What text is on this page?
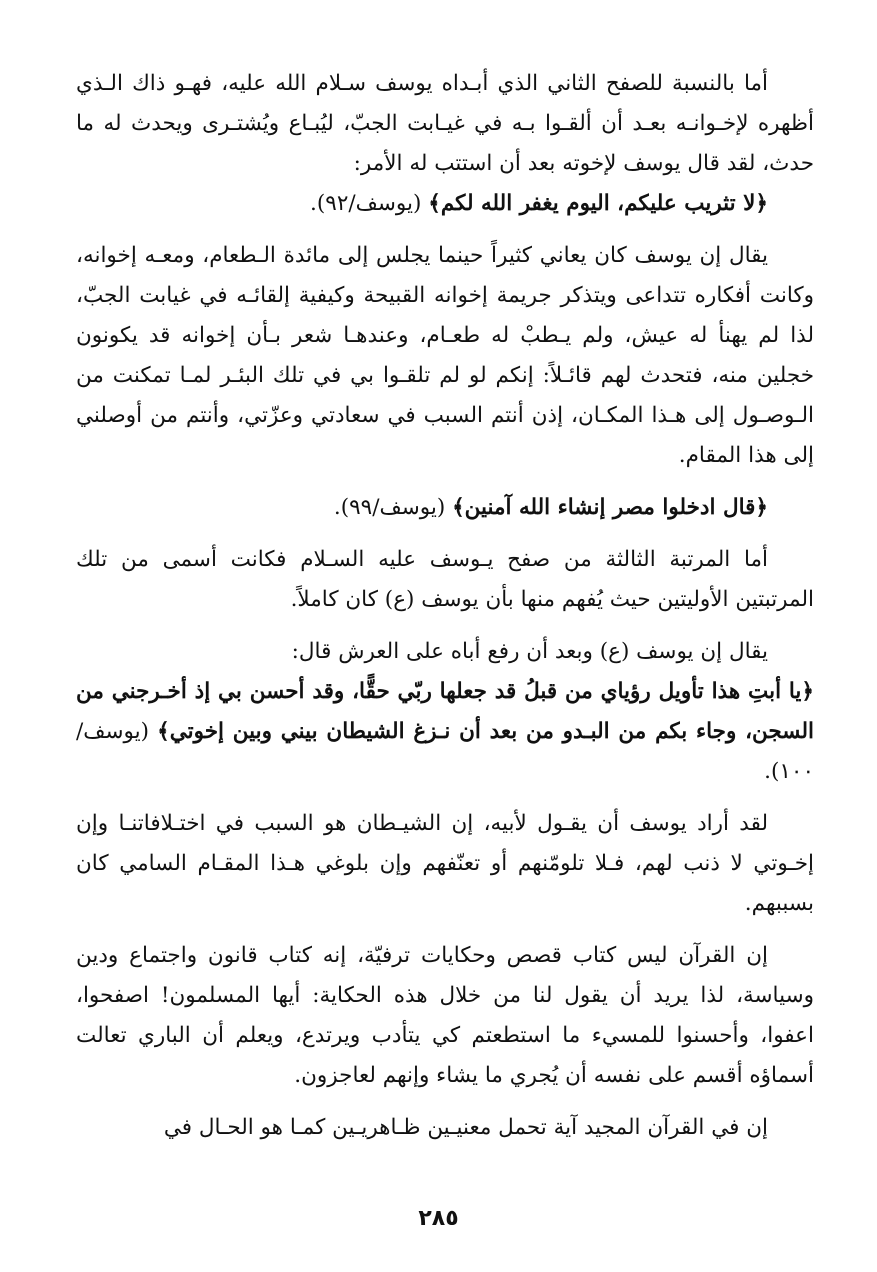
أما بالنسبة للصفح الثاني الذي أبـداه يوسف سـلام الله عليه، فهـو ذاك الـذي أظهره لإخـوانـه بعـد أن ألقـوا بـه في غيـابت الجبّ، ليُبـاع ويُشتـرى ويحدث له ما حدث، لقد قال يوسف لإخوته بعد أن استتب له الأمر:

﴿لا تثريب عليكم، اليوم يغفر الله لكم﴾ (يوسف/٩٢).

يقال إن يوسف كان يعاني كثيراً حينما يجلس إلى مائدة الـطعام، ومعـه إخوانه، وكانت أفكاره تتداعى ويتذكر جريمة إخوانه القبيحة وكيفية إلقائـه في غيابت الجبّ، لذا لم يهنأ له عيش، ولم يـطبْ له طعـام، وعندهـا شعر بـأن إخوانه قد يكونون خجلين منه، فتحدث لهم قائـلاً: إنكم لو لم تلقـوا بي في تلك البئـر لمـا تمكنت من الـوصـول إلى هـذا المكـان، إذن أنتم السبب في سعادتي وعزّتي، وأنتم من أوصلني إلى هذا المقام.

﴿قال ادخلوا مصر إنشاء الله آمنين﴾ (يوسف/٩٩).

أما المرتبة الثالثة من صفح يـوسف عليه السـلام فكانت أسمى من تلك المرتبتين الأوليتين حيث يُفهم منها بأن يوسف (ع) كان كاملاً.

يقال إن يوسف (ع) وبعد أن رفع أباه على العرش قال:

﴿يا أبتِ هذا تأويل رؤياي من قبلُ قد جعلها ربّي حقًّا، وقد أحسن بي إذ أخـرجني من السجن، وجاء بكم من البـدو من بعد أن نـزغ الشيطان بيني وبين إخوتي﴾ (يوسف/١٠٠).

لقد أراد يوسف أن يقـول لأبيه، إن الشيـطان هو السبب في اختـلافاتنـا وإن إخـوتي لا ذنب لهم، فـلا تلومّنهم أو تعنّفهم وإن بلوغي هـذا المقـام السامي كان بسببهم.

إن القرآن ليس كتاب قصص وحكايات ترفيّة، إنه كتاب قانون واجتماع ودين وسياسة، لذا يريد أن يقول لنا من خلال هذه الحكاية: أيها المسلمون! اصفحوا، اعفوا، وأحسنوا للمسيء ما استطعتم كي يتأدب ويرتدع، ويعلم أن الباري تعالت أسماؤه أقسم على نفسه أن يُجري ما يشاء وإنهم لعاجزون.

إن في القرآن المجيد آية تحمل معنيـين ظـاهريـين كمـا هو الحـال في

٢٨٥
